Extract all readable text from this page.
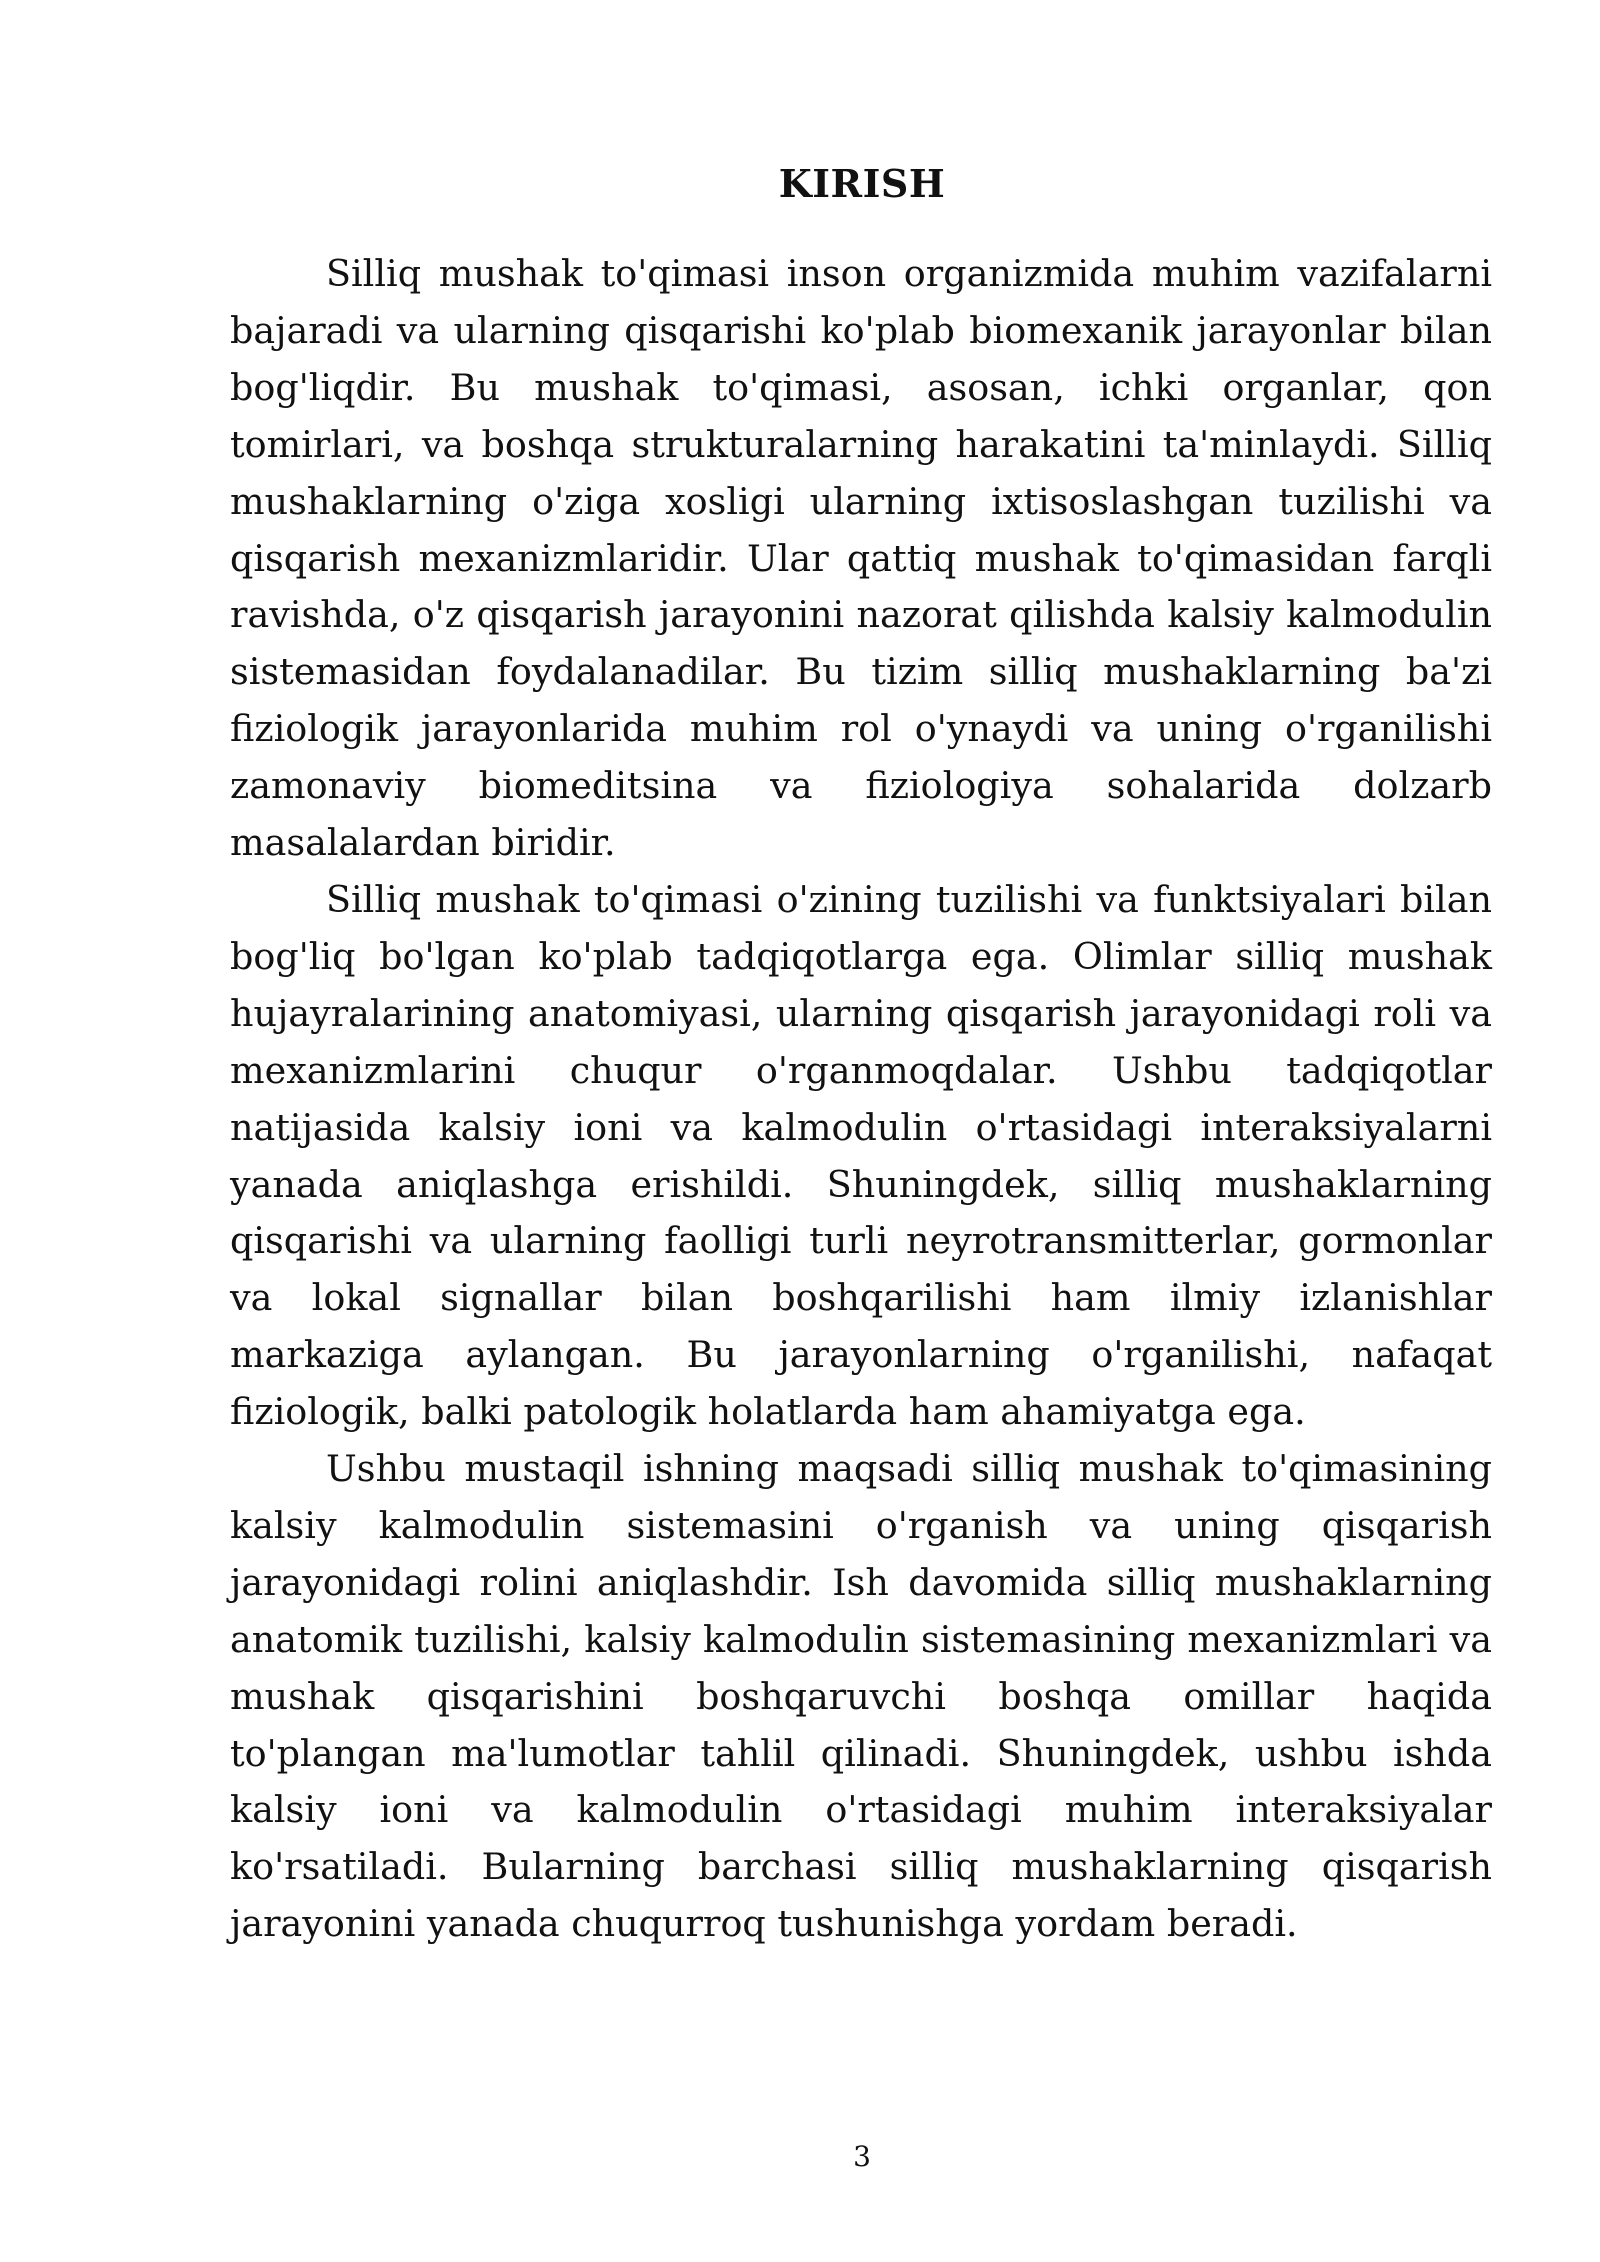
KIRISH

Silliq mushak to'qimasi inson organizmida muhim vazifalarni bajaradi va ularning qisqarishi ko'plab biomexanik jarayonlar bilan bog'liqdir. Bu mushak to'qimasi, asosan, ichki organlar, qon tomirlari, va boshqa strukturalarning harakatini ta'minlaydi. Silliq mushaklarning o'ziga xosligi ularning ixtisoslashgan tuzilishi va qisqarish mexanizmlaridir. Ular qattiq mushak to'qimasidan farqli ravishda, o'z qisqarish jarayonini nazorat qilishda kalsiy kalmodulin sistemasidan foydalanadilar. Bu tizim silliq mushaklarning ba'zi fiziologik jarayonlarida muhim rol o'ynaydi va uning o'rganilishi zamonaviy biomeditsina va fiziologiya sohalarida dolzarb masalalardan biridir.

Silliq mushak to'qimasi o'zining tuzilishi va funktsiyalari bilan bog'liq bo'lgan ko'plab tadqiqotlarga ega. Olimlar silliq mushak hujayralarining anatomiyasi, ularning qisqarish jarayonidagi roli va mexanizmlarini chuqur o'rganmoqdalar. Ushbu tadqiqotlar natijasida kalsiy ioni va kalmodulin o'rtasidagi interaksiyalarni yanada aniqlashga erishildi. Shuningdek, silliq mushaklarning qisqarishi va ularning faolligi turli neyrotransmitterlar, gormonlar va lokal signallar bilan boshqarilishi ham ilmiy izlanishlar markaziga aylangan. Bu jarayonlarning o'rganilishi, nafaqat fiziologik, balki patologik holatlarda ham ahamiyatga ega.

Ushbu mustaqil ishning maqsadi silliq mushak to'qimasining kalsiy kalmodulin sistemasini o'rganish va uning qisqarish jarayonidagi rolini aniqlashdir. Ish davomida silliq mushaklarning anatomik tuzilishi, kalsiy kalmodulin sistemasining mexanizmlari va mushak qisqarishini boshqaruvchi boshqa omillar haqida to'plangan ma'lumotlar tahlil qilinadi. Shuningdek, ushbu ishda kalsiy ioni va kalmodulin o'rtasidagi muhim interaksiyalar ko'rsatiladi. Bularning barchasi silliq mushaklarning qisqarish jarayonini yanada chuqurroq tushunishga yordam beradi.

3
